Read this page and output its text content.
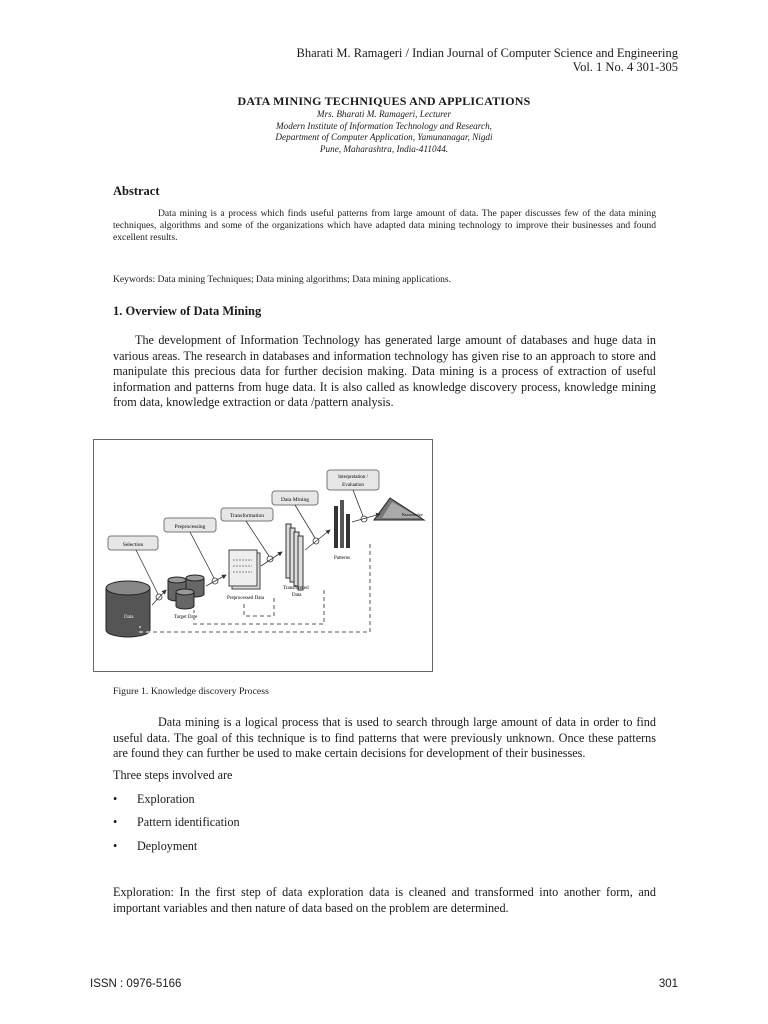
Bharati M. Ramageri / Indian Journal of Computer Science and Engineering
Vol. 1 No. 4 301-305
DATA MINING TECHNIQUES AND APPLICATIONS
Mrs. Bharati M. Ramageri, Lecturer
Modern Institute of Information Technology and Research,
Department of Computer Application, Yamunanagar, Nigdi
Pune, Maharashtra, India-411044.
Abstract
Data mining is a process which finds useful patterns from large amount of data. The paper discusses few of the data mining techniques, algorithms and some of the organizations which have adapted data mining technology to improve their businesses and found excellent results.
Keywords: Data mining Techniques; Data mining algorithms; Data mining applications.
1. Overview of Data Mining
The development of Information Technology has generated large amount of databases and huge data in various areas. The research in databases and information technology has given rise to an approach to store and manipulate this precious data for further decision making. Data mining is a process of extraction of useful information and patterns from huge data. It is also called as knowledge discovery process, knowledge mining from data, knowledge extraction or data /pattern analysis.
Selection
Preprocessing
Transformation
Data Mining
Interpretation /
Evaluation
Data	Target Date
Preprocessed Data
Transformed
Data
Patterns
Knowledge
Figure 1. Knowledge discovery Process
Data mining is a logical process that is used to search through large amount of data in order to find useful data. The goal of this technique is to find patterns that were previously unknown. Once these patterns are found they can further be used to make certain decisions for development of their businesses.
Three steps involved are
• Exploration
• Pattern identification
• Deployment
Exploration: In the first step of data exploration data is cleaned and transformed into another form, and important variables and then nature of data based on the problem are determined.
ISSN : 0976-5166	301
